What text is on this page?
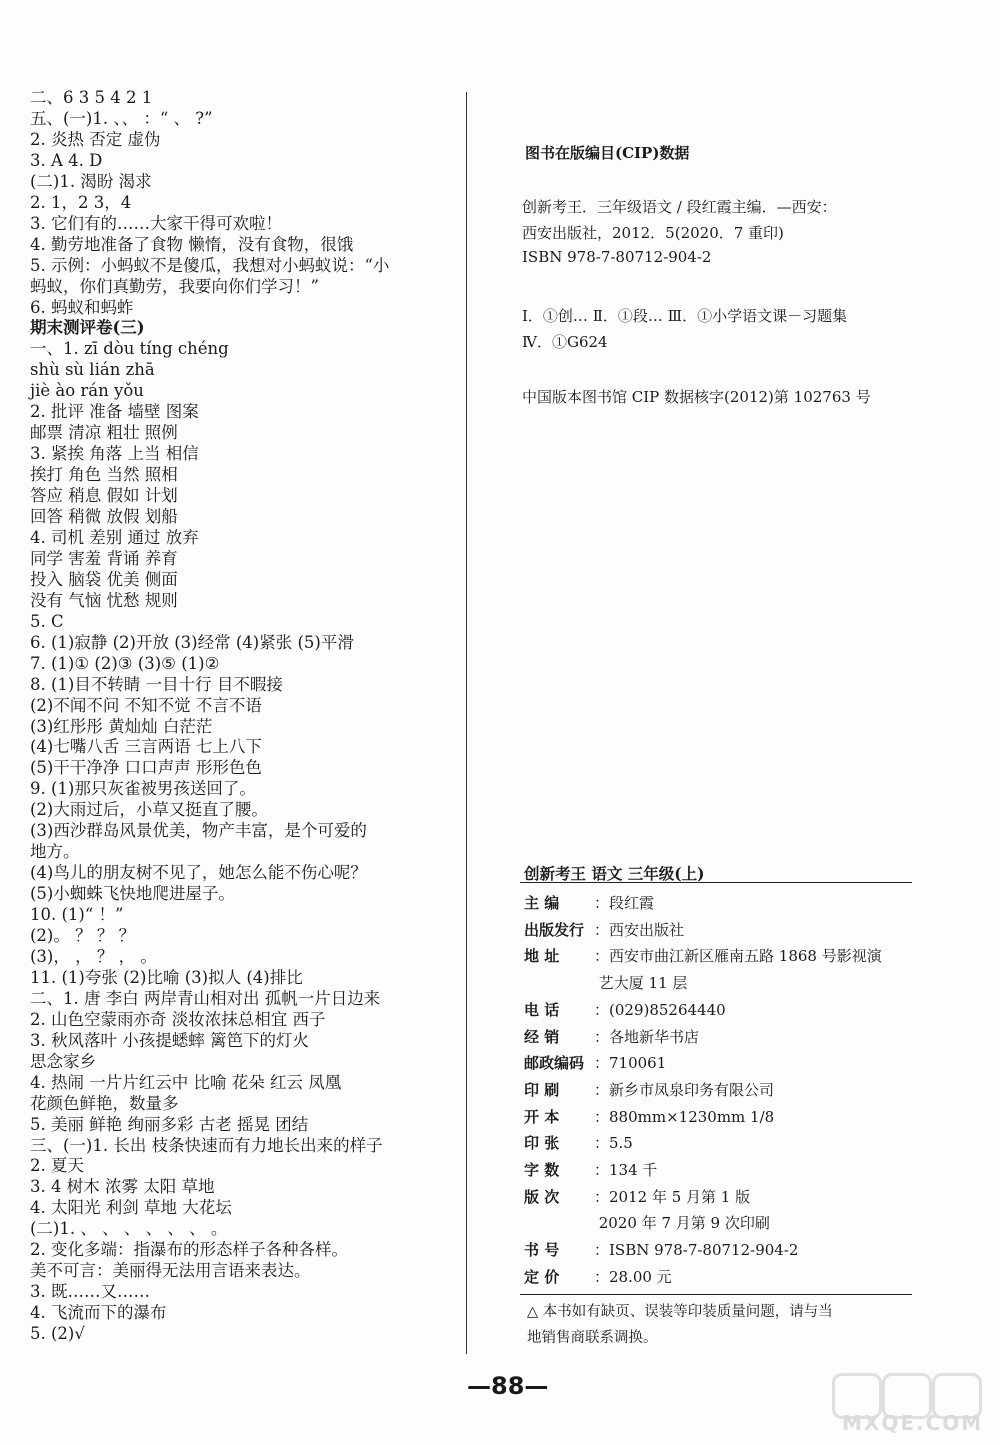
二、6 3 5 4 2 1
五、(一)1. 、、 ：“ 、 ?”
2. 炎热 否定 虚伪
3. A 4. D
(二)1. 渴盼 渴求
2. 1，2 3，4
3. 它们有的……大家干得可欢啦！
4. 勤劳地准备了食物 懒惰，没有食物，很饿
5. 示例：小蚂蚁不是傻瓜，我想对小蚂蚁说：“小
蚂蚁，你们真勤劳，我要向你们学习！”
6. 蚂蚁和蚂蚱
期末测评卷(三)
一、1. zī dòu tíng chéng
shù sù lián zhā
jiè ào rán yǒu
2. 批评 准备 墙壁 图案
邮票 清凉 粗壮 照例
3. 紧挨 角落 上当 相信
挨打 角色 当然 照相
答应 稍息 假如 计划
回答 稍微 放假 划船
4. 司机 差别 通过 放弃
同学 害羞 背诵 养育
投入 脑袋 优美 侧面
没有 气恼 忧愁 规则
5. C
6. (1)寂静 (2)开放 (3)经常 (4)紧张 (5)平滑
7. (1)① (2)③ (3)⑤ (1)②
8. (1)目不转睛 一目十行 目不暇接
(2)不闻不问 不知不觉 不言不语
(3)红彤彤 黄灿灿 白茫茫
(4)七嘴八舌 三言两语 七上八下
(5)干干净净 口口声声 形形色色
9. (1)那只灰雀被男孩送回了。
(2)大雨过后，小草又挺直了腰。
(3)西沙群岛风景优美，物产丰富，是个可爱的
地方。
(4)鸟儿的朋友树不见了，她怎么能不伤心呢？
(5)小蜘蛛飞快地爬进屋子。
10. (1)“ ！”
(2)。 ？ ？ ？
(3)， ， ？ ， 。
11. (1)夸张 (2)比喻 (3)拟人 (4)排比
二、1. 唐 李白 两岸青山相对出 孤帆一片日边来
2. 山色空蒙雨亦奇 淡妆浓抹总相宜 西子
3. 秋风落叶 小孩提蟋蟀 篱笆下的灯火
思念家乡
4. 热闹 一片片红云中 比喻 花朵 红云 凤凰
花颜色鲜艳，数量多
5. 美丽 鲜艳 绚丽多彩 古老 摇晃 团结
三、(一)1. 长出 枝条快速而有力地长出来的样子
2. 夏天
3. 4 树木 浓雾 太阳 草地
4. 太阳光 利剑 草地 大花坛
(二)1. 、 、 、 、 、 、 。
2. 变化多端：指瀑布的形态样子各种各样。
美不可言：美丽得无法用言语来表达。
3. 既……又……
4. 飞流而下的瀑布
5. (2)√
图书在版编目(CIP)数据
创新考王．三年级语文 / 段红霞主编．—西安：
西安出版社，2012．5(2020．7 重印)
ISBN 978-7-80712-904-2
Ⅰ．①创… Ⅱ．①段… Ⅲ．①小学语文课－习题集
Ⅳ．①G624
中国版本图书馆 CIP 数据核字(2012)第 102763 号
创新考王 语文 三年级(上)
主 编 ：段红霞
出版发行 ：西安出版社
地 址 ：西安市曲江新区雁南五路 1868 号影视演
艺大厦 11 层
电 话 ：(029)85264440
经 销 ：各地新华书店
邮政编码 ：710061
印 刷 ：新乡市凤泉印务有限公司
开 本 ：880mm×1230mm 1/8
印 张 ：5.5
字 数 ：134 千
版 次 ：2012 年 5 月第 1 版
2020 年 7 月第 9 次印刷
书 号 ：ISBN 978-7-80712-904-2
定 价 ：28.00 元
△ 本书如有缺页、误装等印装质量问题，请与当
地销售商联系调换。
—88—
MXQE.COM
